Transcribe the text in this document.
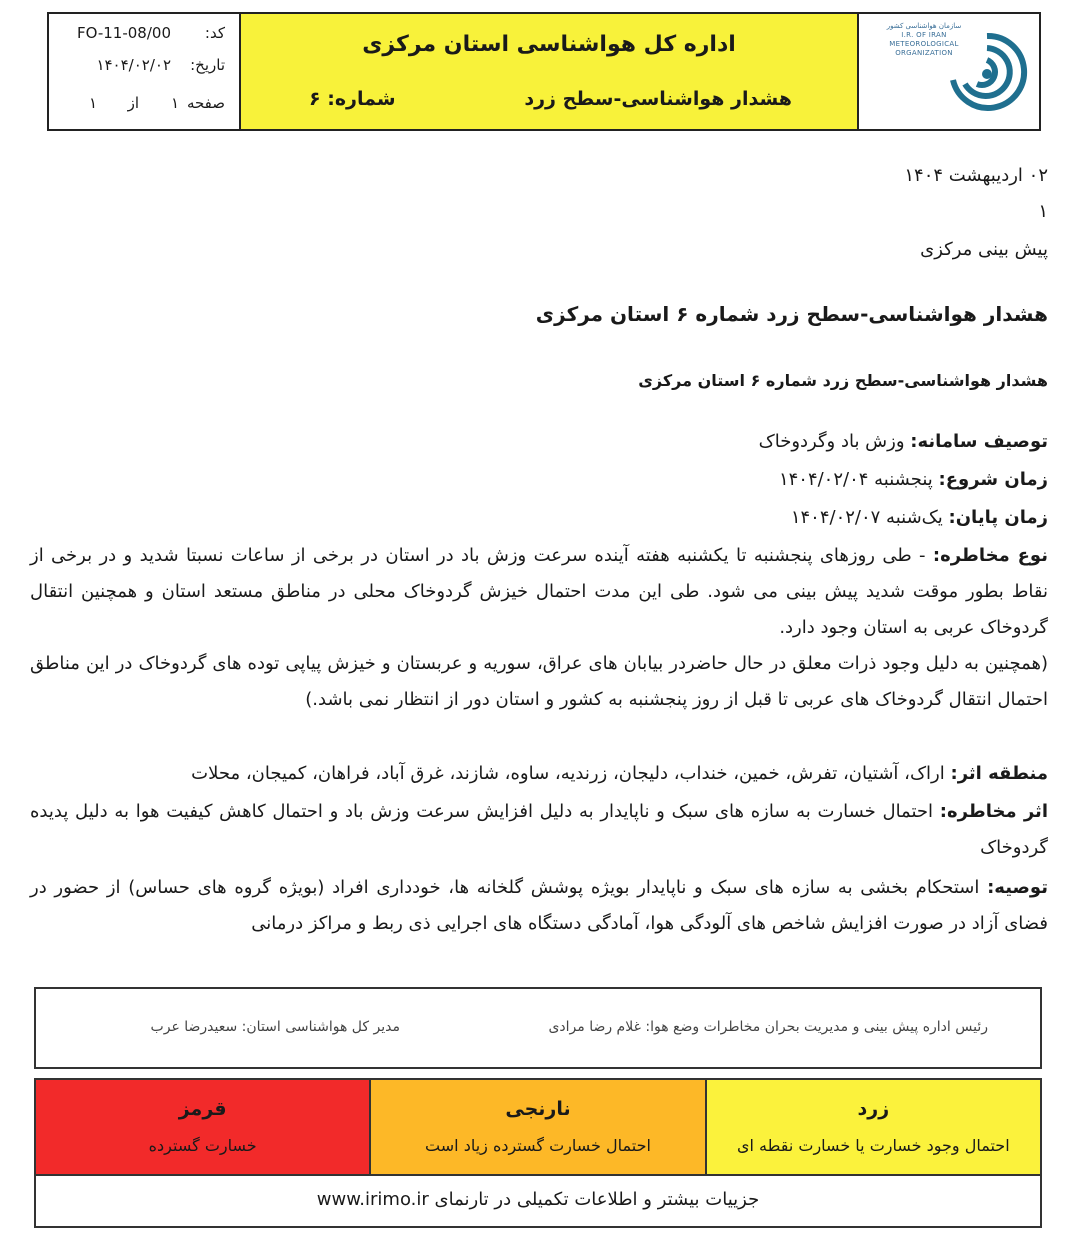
کد:
FO-11-08/00
تاریخ:
۱۴۰۴/۰۲/۰۲
صفحه
۱
از
۱
اداره کل هواشناسی استان مرکزی
هشدار هواشناسی-سطح زرد
شماره: ۶
سازمان هواشناسی کشور
I.R. OF IRAN
METEOROLOGICAL
ORGANIZATION
۰۲ اردیبهشت ۱۴۰۴
۱
پیش بینی مرکزی
هشدار هواشناسی-سطح زرد شماره ۶ استان مرکزی
هشدار هواشناسی-سطح زرد شماره ۶ استان مرکزی
توصیف سامانه: وزش باد وگردوخاک
زمان شروع: پنجشنبه ۱۴۰۴/۰۲/۰۴
زمان پایان: یک‌شنبه ۱۴۰۴/۰۲/۰۷
نوع مخاطره: - طی روزهای پنجشنبه تا یکشنبه هفته آینده سرعت وزش باد در استان در برخی از ساعات نسبتا شدید و در برخی از نقاط بطور موقت شدید پیش بینی می شود. طی این مدت احتمال خیزش گردوخاک محلی در مناطق مستعد استان و همچنین انتقال گردوخاک عربی به استان وجود دارد.
(همچنین به دلیل وجود ذرات معلق در حال حاضردر بیابان های عراق، سوریه و عربستان و خیزش پیاپی توده های گردوخاک در این مناطق احتمال انتقال گردوخاک های عربی تا قبل از روز پنجشنبه به کشور و استان دور از انتظار نمی باشد.)
منطقه اثر: اراک، آشتیان، تفرش، خمین، خنداب، دلیجان، زرندیه، ساوه، شازند، غرق آباد، فراهان، کمیجان، محلات
اثر مخاطره: احتمال خسارت به سازه های سبک و ناپایدار به دلیل افزایش سرعت وزش باد و احتمال کاهش کیفیت هوا به دلیل پدیده گردوخاک
توصیه: استحکام بخشی به سازه های سبک و ناپایدار بویژه پوشش گلخانه ها، خودداری افراد (بویژه گروه های حساس) از حضور در فضای آزاد در صورت افزایش شاخص های آلودگی هوا، آمادگی دستگاه های اجرایی ذی ربط و مراکز درمانی
رئیس اداره پیش بینی و مدیریت بحران مخاطرات وضع هوا: غلام رضا مرادی
مدیر کل هواشناسی استان: سعیدرضا عرب
قرمز
خسارت گسترده
نارنجی
احتمال خسارت گسترده زیاد است
زرد
احتمال وجود خسارت یا خسارت نقطه ای
جزییات بیشتر و اطلاعات تکمیلی در تارنمای www.irimo.ir
